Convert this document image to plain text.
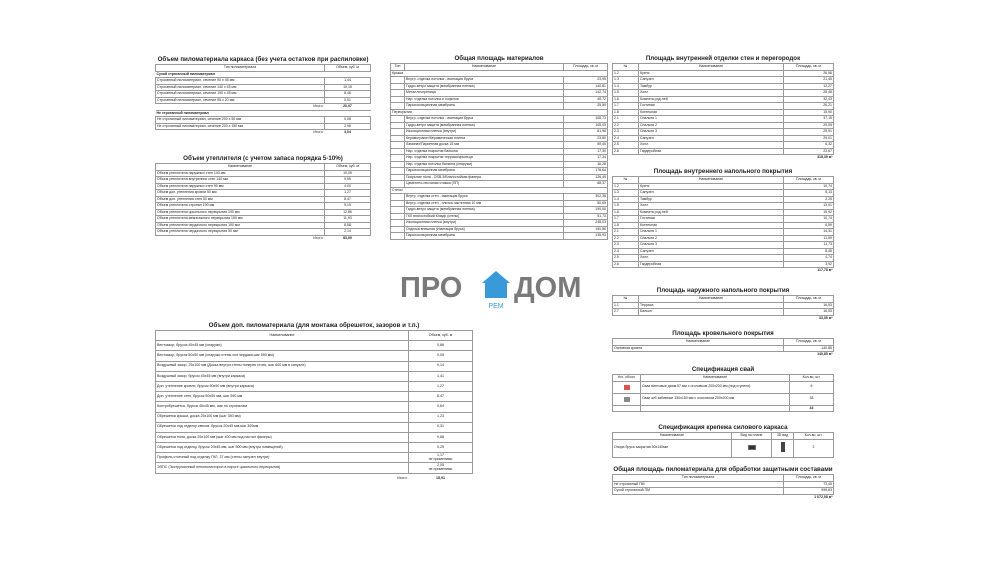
Объем пиломатериала каркаса (без учета остатков при распиловке)
Тип пиломатериала	Объем, куб. м
Сухой строганный пиломатериал	
Строганный пиломатериал, сечение 90 х 45 мм	1,44
Строганный пиломатериал, сечение 140 х 45 мм	10,15
Строганный пиломатериал, сечение 190 х 45 мм	8,46
Строганный пиломатериал, сечение 95 х 20 мм	0,01
Итого:	20,07
Не строганный пиломатериал	
Не строганный пиломатериал, сечение 200 х 50 мм	0,08
Не строганный пиломатериал, сечение 200 х 150 мм	2,96
Итого:	3,04
Объем утеплителя (с учетом запаса порядка 5-10%)
Наименование	Объем, куб. м
Объем утеплителя наружных стен 140 мм	19,05
Объем утеплителя внутренних стен 140 мм	9,55
Объем утеплителя наружных стен 90 мм	4,00
Объем доп. утепления кровли 50 мм	1,27
Объем доп. утепления стен 50 мм	8,47
Объем утеплителя стропил 190 мм	5,15
Объем утеплителя цокольного перекрытия 190 мм	12,86
Объем утеплителя межэтажного перекрытия 190 мм	11,93
Объем утеплителя чердачного перекрытия 190 мм	8,58
Объем утеплителя чердачного перекрытия 50 мм	2,14
Итого:	83,00
Общая площадь материалов
Тип	Наименование	Площадь, кв. м
Крыша		
	Внутр. отделка потолка - имитация бруса	23,95
	Гидро-ветро защита (мембранная пленка)	140,81
	Металлочерепица	142,74
	Нар. отделка потолка и софитов	49,72
	Пароизоляционная мембрана	25,59
Перекрытия		
	Внутр. отделка потолка - имитация бруса	108,73
	Гидро-ветро защита (мембранная пленка)	105,03
	Изоляционная пленка (внутри)	61,98
	Керамогранит/Керамическая плитка	23,80
	Ламинат/Паркетная доска 15 мм	59,40
	Нар. отделка покрытия балкона	17,30
	Нар. отделка покрытия террасы/крыльца	17,34
	Нар. отделка потолка балкона (снаружи)	16,28
	Пароизоляционная мембрана	176,64
	Покрытие пола - OSB-3/Влагостойкая фанера	126,49
	Цементно-песчаная стяжка (ПП)	68,37
Стены		
	Внутр. отделка стен - имитация бруса	302,38
	Внутр. отделка стен - плитка настенная 10 мм	50,69
	Гидро-ветро защита (мембранная пленка)	190,50
	ГКЛ влагостойкий Кнауф (стены)	51,73
	Изоляционная пленка (внутри)	248,03
	Отделка внешняя (Имитация бруса)	190,86
	Пароизоляционная мембрана	135,93
Площадь внутренней отделки стен и перегородок
№	Наименование	Площадь, кв. м
1.2	Кухня	26,56
1.3	Санузел	21,45
1.4	Тамбур	12,27
1.5	Холл	28,48
1.6	Комната род-лей	32,43
1.7	Гостиная	26,21
1.8	Котельная	15,90
2.1	Спальня 1	37,15
2.2	Спальня 2	29,05
2.3	Спальня 3	29,91
2.4	Санузел	29,01
2.5	Холл	6,32
2.6	Гардеробная	23,67
		318,39 м²
Площадь внутреннего напольного покрытия
№	Наименование	Площадь, кв. м
1.2	Кухня	10,74
1.3	Санузел	5,13
1.4	Тамбур	2,25
1.5	Холл	13,01
1.6	Комната род-лей	15,92
1.7	Гостиная	10,74
1.8	Котельная	6,59
2.1	Спальня 1	14,31
2.2	Спальня 2	11,59
2.3	Спальня 3	11,73
2.4	Санузел	8,45
2.5	Холл	4,74
2.6	Гардеробная	3,92
		117,78 м²
Площадь наружного напольного покрытия
№	Наименование	Площадь, кв. м
1.1	Терраса	16,53
2.7	Балкон	16,53
		33,05 м²
Площадь кровельного покрытия
Наименование	Площадь, кв. м
Основная кровля	140,85
	140,85 м²
Спецификация свай
Усл. обозн.	Наименование	Кол-во, шт.
	Сваи винтовые диам.57 мм с оголовком 200х200 мм (под ступени)	6
	Сваи ж/б забивные 150х150 мм с оголовком 200х200 мм	38
		44
Спецификация крепежа силового каркаса
Наименование	Вид на плане	3D вид	Кол-во, шт.
Опора бруса закрытая 50х140мм			2
Общая площадь пиломатериала для обработки защитными составами
Тип пиломатериала	Площадь, кв. м
Не строганный ПМ	73,45
Сухой строганный ПМ	999,63
	1 072,08 м²
Объем доп. пиломатериала (для монтажа обрешеток, зазоров и т.п.)
Наименование	Объем, куб. м
Вентзазор, брусок 45х45 мм (снаружи)	0,86
Вентзазор, брусок 50х50 мм (снаружи стены хол.чердака,шаг 590 мм)	0,05
Воздушный зазор, 25х100 мм (Доска внутри стены поперек стоек, шаг 600 мм в санузле)	0,14
Воздушный зазор, брусок 45х45 мм (внутри каркаса)	1,41
Доп. утепление кровли, брусок 50х50 мм (внутри каркаса)	1,27
Доп. утепление стен, брусок 50х50 мм, шаг 590 мм	8,47
Контробрешетка, брусок 45х45 мм, шаг по стропилам	0,64
Обрешетка крыши, доска 25х100 мм (шаг 350 мм)	1,23
Обрешетка под отделку свесов, брусок 20х45 мм,шаг 300мм	0,31
Обрешетка пола, доска 25х100 мм (шаг 400 мм под настил фанеры)	0,68
Обрешетка под отделку, брусок 20х45 мм, шаг 500 мм (внутри помещений)	0,25
Профиль стоечный под отделку ГКЛ, 37 мм (стены санузел внутри)	1,17
не применимо
ЭППС (Экструзионный пенополистирол в пироге цокольного перекрытия)	2,05
не применимо
Итого:	15,91
ПРО
РЕМ
ДОМ
